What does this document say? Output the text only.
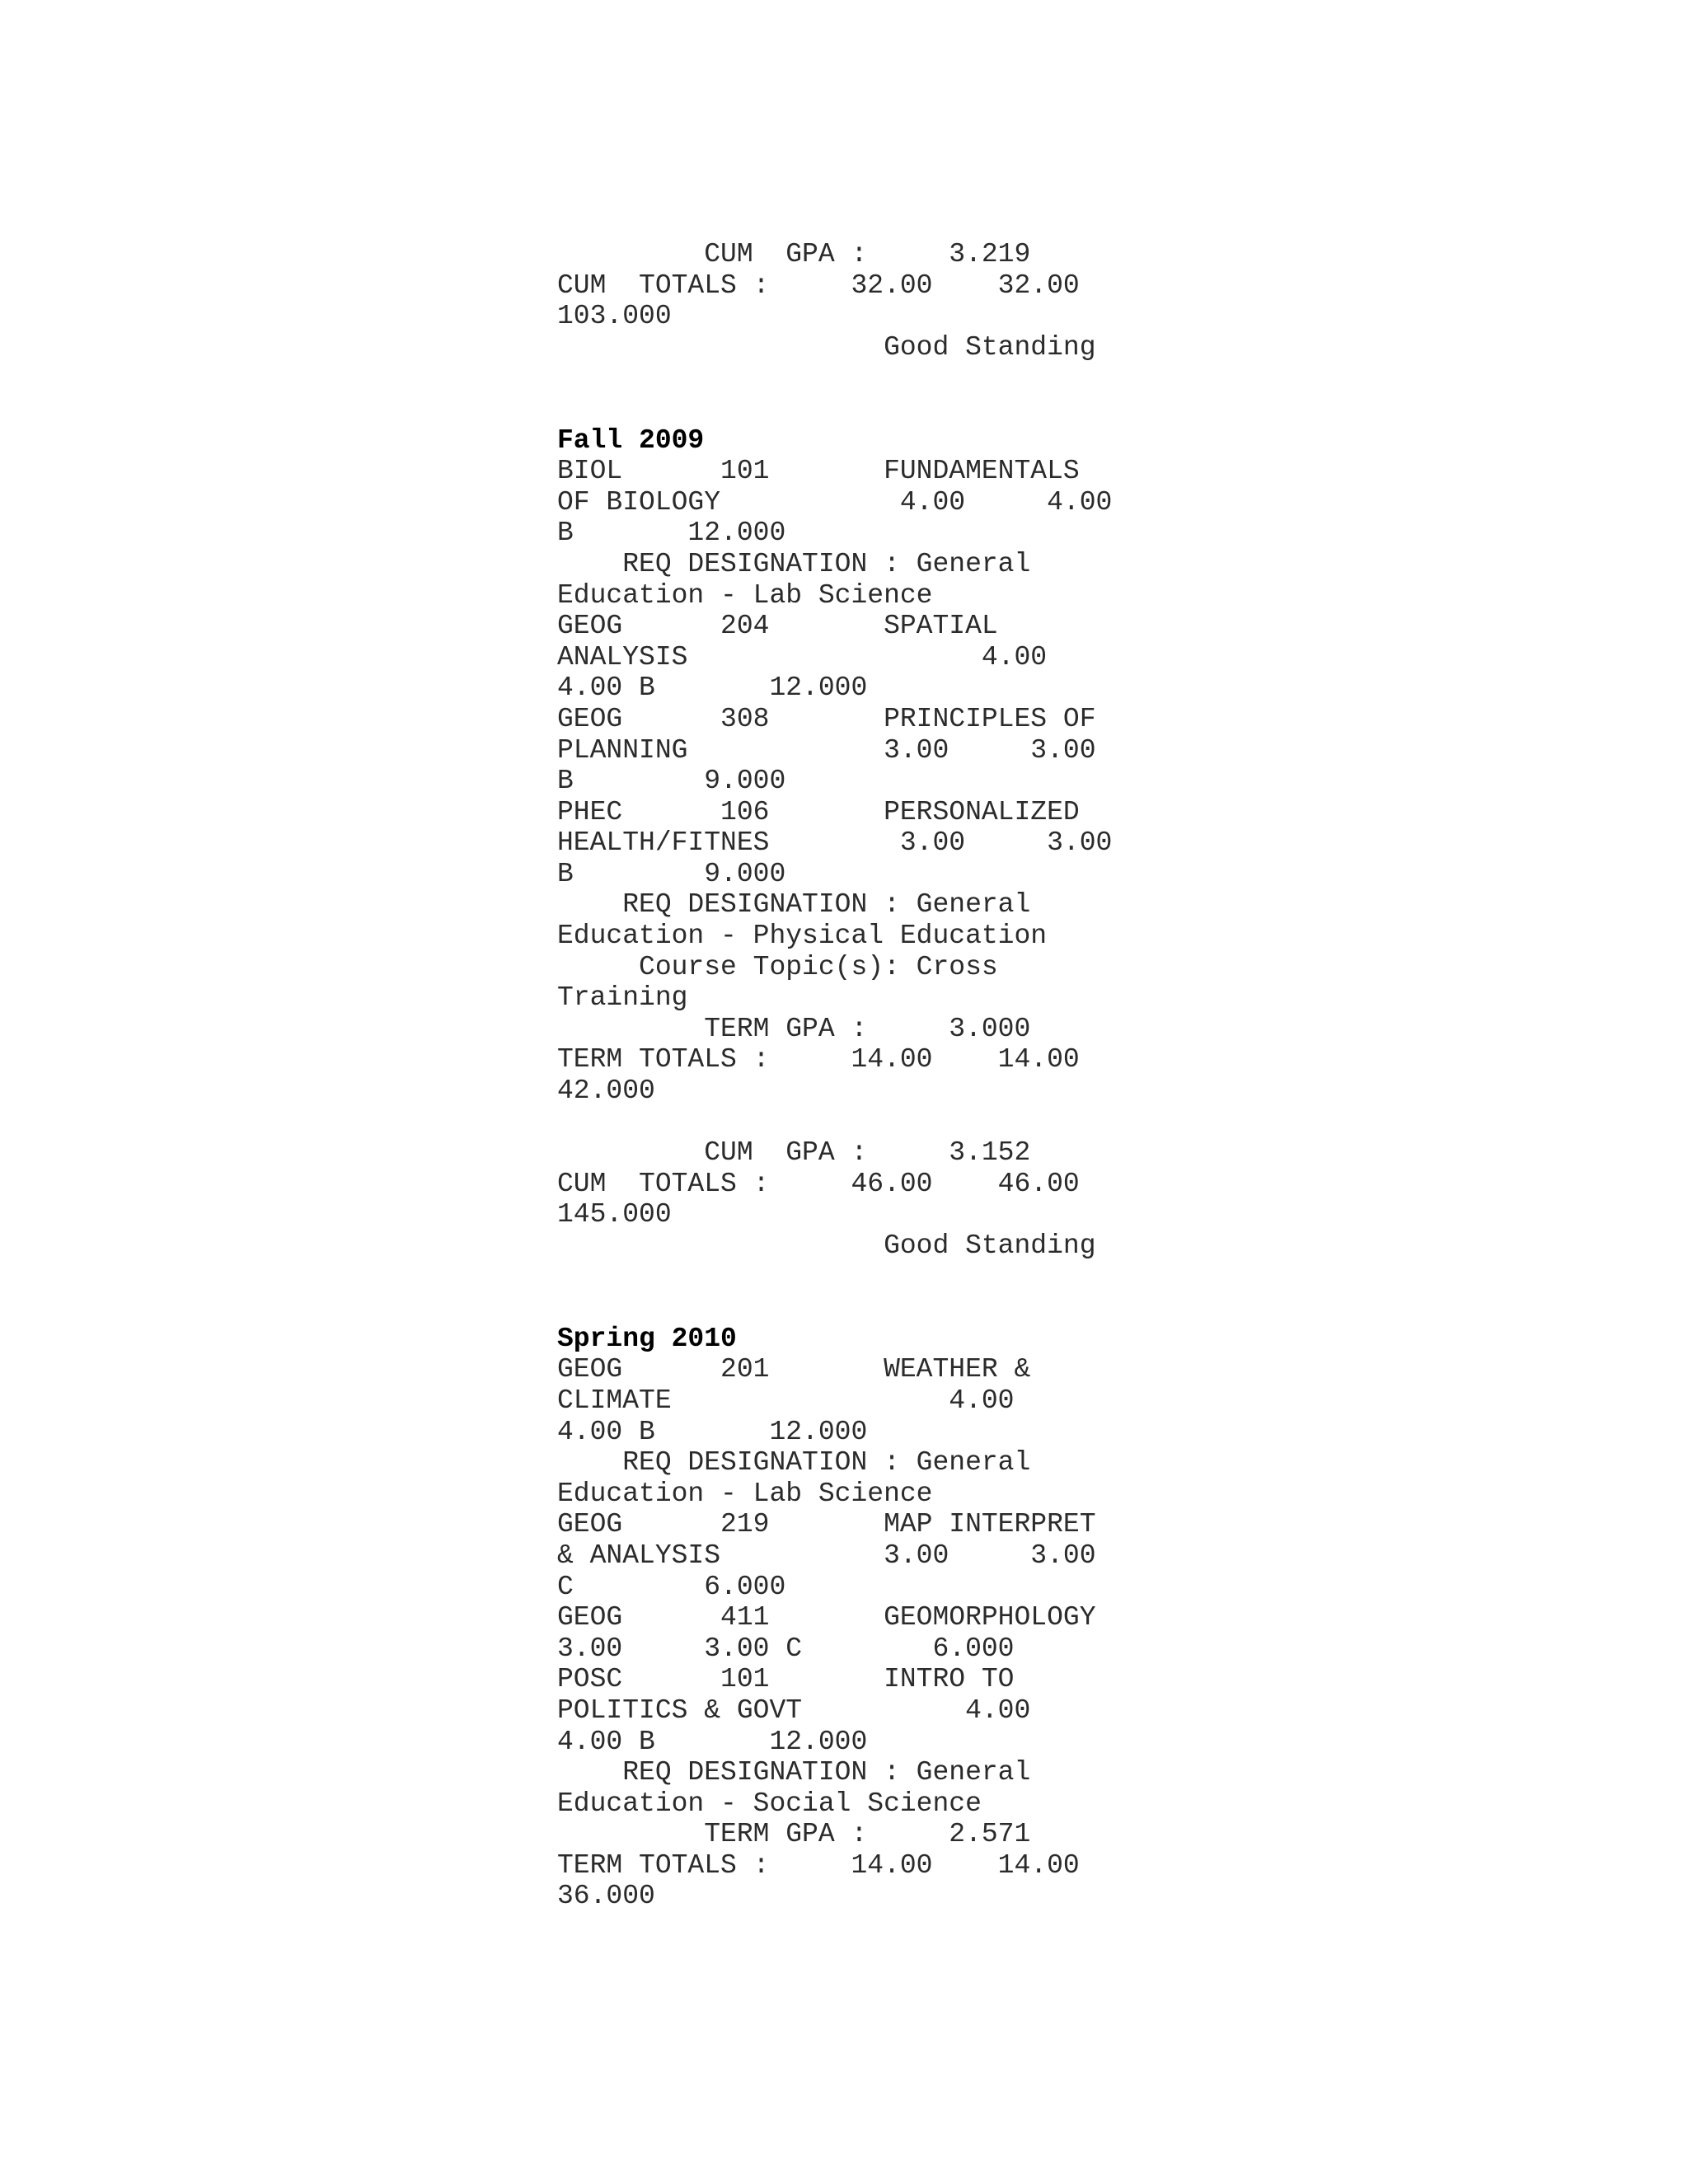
CUM  GPA :     3.219
CUM  TOTALS :     32.00    32.00
103.000
Good Standing
Fall 2009
BIOL      101       FUNDAMENTALS
OF BIOLOGY           4.00     4.00
B       12.000
REQ DESIGNATION : General
Education - Lab Science
GEOG      204       SPATIAL
ANALYSIS                  4.00
4.00 B       12.000
GEOG      308       PRINCIPLES OF
PLANNING            3.00     3.00
B        9.000
PHEC      106       PERSONALIZED
HEALTH/FITNES        3.00     3.00
B        9.000
REQ DESIGNATION : General
Education - Physical Education
Course Topic(s): Cross
Training
TERM GPA :     3.000
TERM TOTALS :     14.00    14.00
42.000
CUM  GPA :     3.152
CUM  TOTALS :     46.00    46.00
145.000
Good Standing
Spring 2010
GEOG      201       WEATHER &
CLIMATE                 4.00
4.00 B       12.000
REQ DESIGNATION : General
Education - Lab Science
GEOG      219       MAP INTERPRET
& ANALYSIS          3.00     3.00
C        6.000
GEOG      411       GEOMORPHOLOGY
3.00     3.00 C        6.000
POSC      101       INTRO TO
POLITICS & GOVT          4.00
4.00 B       12.000
REQ DESIGNATION : General
Education - Social Science
TERM GPA :     2.571
TERM TOTALS :     14.00    14.00
36.000
